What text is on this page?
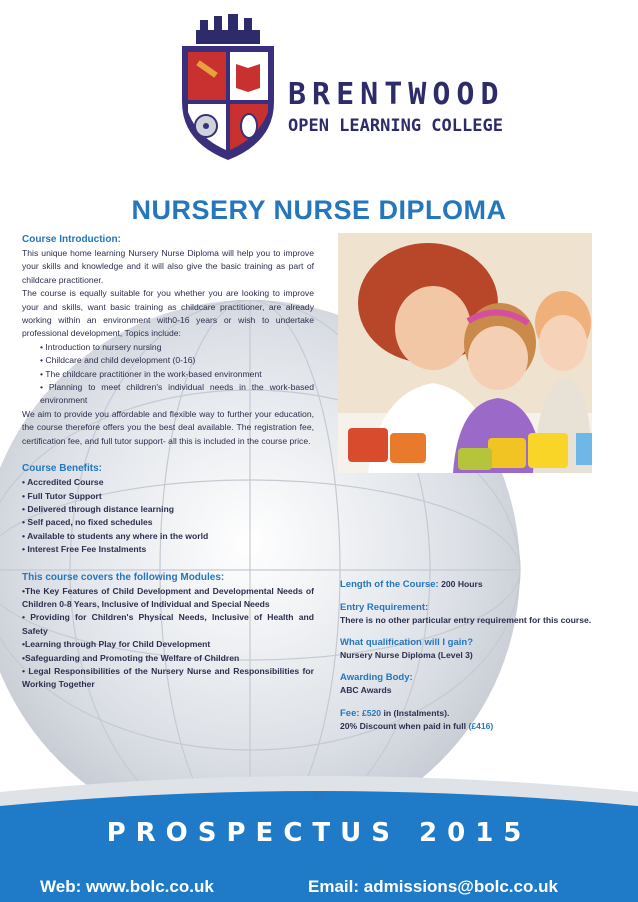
BRENTWOOD
OPEN LEARNING COLLEGE
NURSERY NURSE DIPLOMA
Course Introduction:

This unique home learning Nursery Nurse Diploma will help you to improve your skills and knowledge and it will also give the basic training as part of childcare practitioner.

The course is equally suitable for you whether you are looking to improve your and skills, want basic training as childcare practitioner, are already working within an environment with0-16 years or wish to undertake professional development, Topics include:

• Introduction to nursery nursing

• Childcare and child development (0-16)

• The childcare practitioner in the work-based environment

• Planning to meet children's individual needs in the work-based environment

We aim to provide you affordable and flexible way to further your education, the course therefore offers you the best deal available. The registration fee, certification fee, and full tutor support- all this is included in the course price.

Course Benefits:

• Accredited Course

• Full Tutor Support

• Delivered through distance learning

• Self paced, no fixed schedules

• Available to students any where in the world

• Interest Free Fee Instalments

This course covers the following Modules:

•The Key Features of Child Development and Developmental Needs of Children 0-8 Years, Inclusive of Individual and Special Needs

• Providing for Children's Physical Needs, Inclusive of Health and Safety

•Learning through Play for Child Development

•Safeguarding and Promoting the Welfare of Children

• Legal Responsibilities of the Nursery Nurse and Responsibilities for Working Together

Length of the Course: 200 Hours
Entry Requirement:
There is no other particular entry requirement for this course.
What qualification will I gain?
Nursery Nurse Diploma (Level 3)
Awarding Body:
ABC Awards
Fee: £520 in (Instalments).
20% Discount when paid in full (£416)
30
PROSPECTUS 2015
Web: www.bolc.co.uk	Email: admissions@bolc.co.uk
